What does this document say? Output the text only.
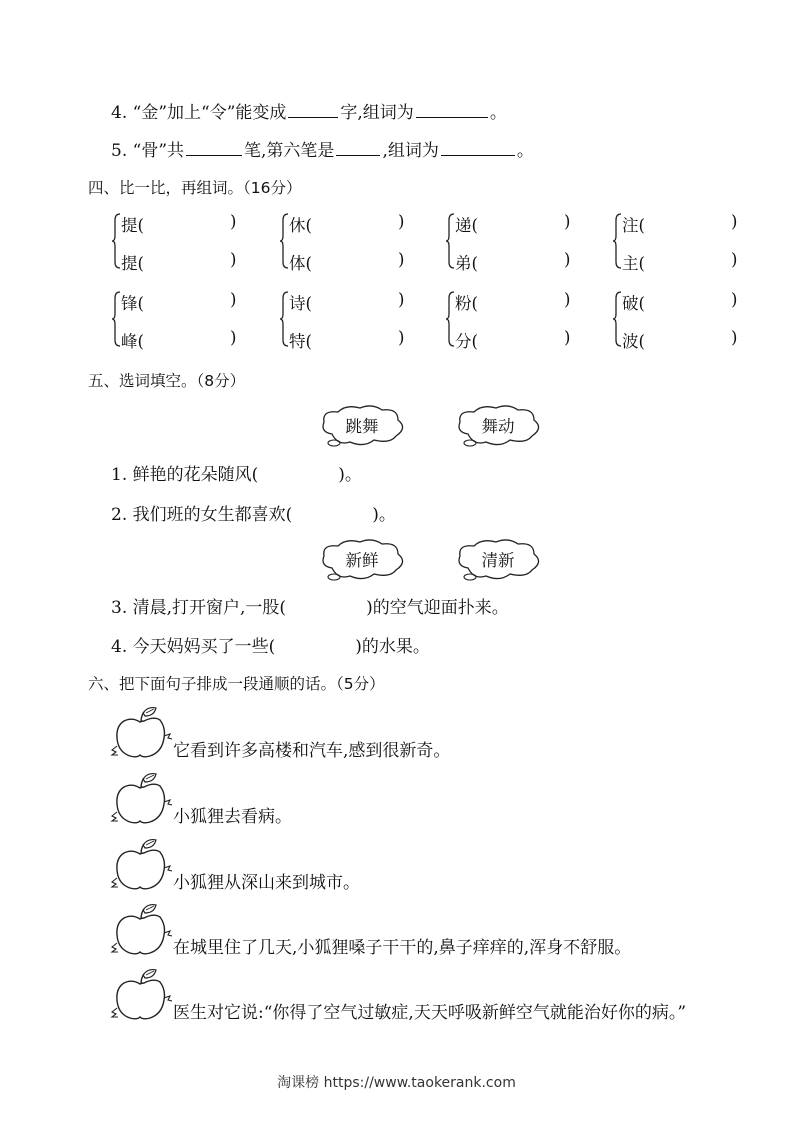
4. “金”加上“令”能变成	字,组词为	。
5. “骨”共	笔,第六笔是	,组词为	。
四、比一比，再组词。（16分）
提(	)
提(	)
休(	)
体(	)
递(	)
弟(	)
注(	)
主(	)
锋(	)
峰(	)
诗(	)
特(	)
粉(	)
分(	)
破(	)
波(	)
五、选词填空。（8分）
跳舞	舞动
1. 鲜艳的花朵随风(	)。
2. 我们班的女生都喜欢(	)。
新鲜	清新
3. 清晨,打开窗户,一股(	)的空气迎面扑来。
4. 今天妈妈买了一些(	)的水果。
六、把下面句子排成一段通顺的话。（5分）
它看到许多高楼和汽车,感到很新奇。
小狐狸去看病。
小狐狸从深山来到城市。
在城里住了几天,小狐狸嗓子干干的,鼻子痒痒的,浑身不舒服。
医生对它说:“你得了空气过敏症,天天呼吸新鲜空气就能治好你的病。”
淘课榜 https://www.taokerank.com
